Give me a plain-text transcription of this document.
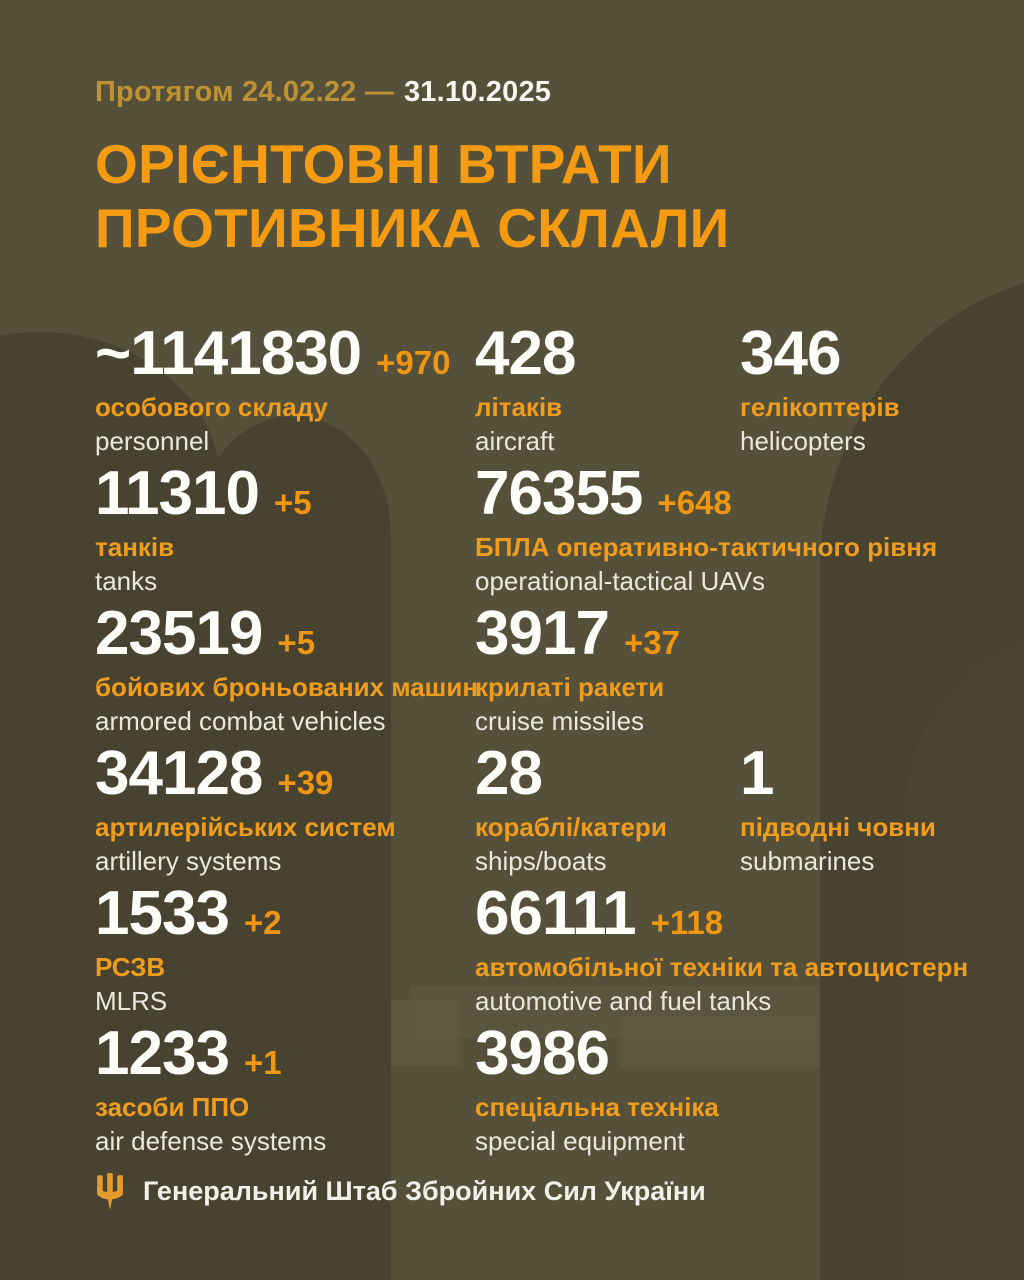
Протягом 24.02.22 — 31.10.2025
ОРІЄНТОВНІ ВТРАТИ
ПРОТИВНИКА СКЛАЛИ
~1141830 +970
особового складу
personnel
428
літаків
aircraft
346
гелікоптерів
helicopters
11310 +5
танків
tanks
76355 +648
БПЛА оперативно-тактичного рівня
operational-tactical UAVs
23519 +5
бойових броньованих машин
armored combat vehicles
3917 +37
крилаті ракети
cruise missiles
34128 +39
артилерійських систем
artillery systems
28
кораблі/катери
ships/boats
1
підводні човни
submarines
1533 +2
РСЗВ
MLRS
66111 +118
автомобільної техніки та автоцистерн
automotive and fuel tanks
1233 +1
засоби ППО
air defense systems
3986
спеціальна техніка
special equipment
Генеральний Штаб Збройних Сил України
